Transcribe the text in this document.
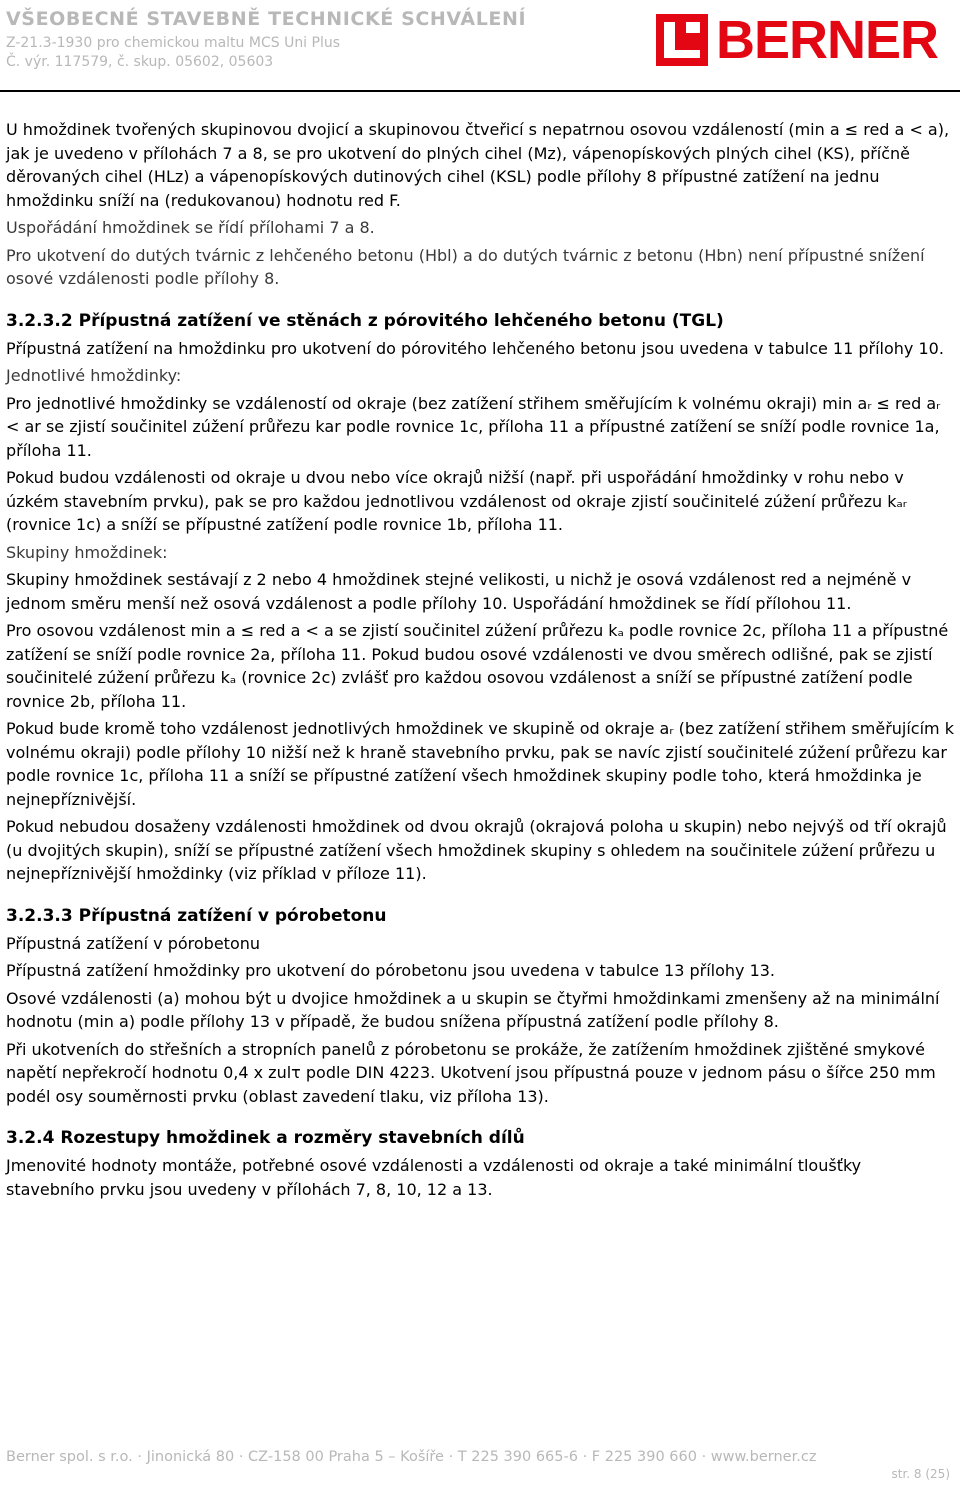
VŠEOBECNÉ STAVEBNĚ TECHNICKÉ SCHVÁLENÍ
Z-21.3-1930 pro chemickou maltu MCS Uni Plus
Č. výr. 117579, č. skup. 05602, 05603	BERNER

U hmoždinek tvořených skupinovou dvojicí a skupinovou čtveřicí s nepatrnou osovou vzdáleností (min a ≤ red a < a), jak je uvedeno v přílohách 7 a 8, se pro ukotvení do plných cihel (Mz), vápenopískových plných cihel (KS), příčně děrovaných cihel (HLz) a vápenopískových dutinových cihel (KSL) podle přílohy 8 přípustné zatížení na jednu hmoždinku sníží na (redukovanou) hodnotu red F.

Uspořádání hmoždinek se řídí přílohami 7 a 8.

Pro ukotvení do dutých tvárnic z lehčeného betonu (Hbl) a do dutých tvárnic z betonu (Hbn) není přípustné snížení osové vzdálenosti podle přílohy 8.

3.2.3.2 Přípustná zatížení ve stěnách z pórovitého lehčeného betonu (TGL)

Přípustná zatížení na hmoždinku pro ukotvení do pórovitého lehčeného betonu jsou uvedena v tabulce 11 přílohy 10.

Jednotlivé hmoždinky:

Pro jednotlivé hmoždinky se vzdáleností od okraje (bez zatížení střihem směřujícím k volnému okraji) min aᵣ ≤ red aᵣ < ar se zjistí součinitel zúžení průřezu kar podle rovnice 1c, příloha 11 a přípustné zatížení se sníží podle rovnice 1a, příloha 11.

Pokud budou vzdálenosti od okraje u dvou nebo více okrajů nižší (např. při uspořádání hmoždinky v rohu nebo v úzkém stavebním prvku), pak se pro každou jednotlivou vzdálenost od okraje zjistí součinitelé zúžení průřezu kₐᵣ (rovnice 1c) a sníží se přípustné zatížení podle rovnice 1b, příloha 11.

Skupiny hmoždinek:

Skupiny hmoždinek sestávají z 2 nebo 4 hmoždinek stejné velikosti, u nichž je osová vzdálenost red a nejméně v jednom směru menší než osová vzdálenost a podle přílohy 10. Uspořádání hmoždinek se řídí přílohou 11.

Pro osovou vzdálenost min a ≤ red a < a se zjistí součinitel zúžení průřezu kₐ podle rovnice 2c, příloha 11 a přípustné zatížení se sníží podle rovnice 2a, příloha 11. Pokud budou osové vzdálenosti ve dvou směrech odlišné, pak se zjistí součinitelé zúžení průřezu kₐ (rovnice 2c) zvlášť pro každou osovou vzdálenost a sníží se přípustné zatížení podle rovnice 2b, příloha 11.

Pokud bude kromě toho vzdálenost jednotlivých hmoždinek ve skupině od okraje aᵣ (bez zatížení střihem směřujícím k volnému okraji) podle přílohy 10 nižší než k hraně stavebního prvku, pak se navíc zjistí součinitelé zúžení průřezu kar podle rovnice 1c, příloha 11 a sníží se přípustné zatížení všech hmoždinek skupiny podle toho, která hmoždinka je nejnepříznivější.

Pokud nebudou dosaženy vzdálenosti hmoždinek od dvou okrajů (okrajová poloha u skupin) nebo nejvýš od tří okrajů (u dvojitých skupin), sníží se přípustné zatížení všech hmoždinek skupiny s ohledem na součinitele zúžení průřezu u nejnepříznivější hmoždinky (viz příklad v příloze 11).

3.2.3.3 Přípustná zatížení v pórobetonu

Přípustná zatížení v pórobetonu

Přípustná zatížení hmoždinky pro ukotvení do pórobetonu jsou uvedena v tabulce 13 přílohy 13.

Osové vzdálenosti (a) mohou být u dvojice hmoždinek a u skupin se čtyřmi hmoždinkami zmenšeny až na minimální hodnotu (min a) podle přílohy 13 v případě, že budou sníženа přípustná zatížení podle přílohy 8.

Při ukotveních do střešních a stropních panelů z pórobetonu se prokáže, že zatížením hmoždinek zjištěné smykové napětí nepřekročí hodnotu 0,4 x zulτ podle DIN 4223. Ukotvení jsou přípustná pouze v jednom pásu o šířce 250 mm podél osy souměrnosti prvku (oblast zavedení tlaku, viz příloha 13).

3.2.4 Rozestupy hmoždinek a rozměry stavebních dílů

Jmenovité hodnoty montáže, potřebné osové vzdálenosti a vzdálenosti od okraje a také minimální tloušťky stavebního prvku jsou uvedeny v přílohách 7, 8, 10, 12 a 13.

Berner spol. s r.o. · Jinonická 80 · CZ-158 00 Praha 5 – Košíře · T 225 390 665-6 · F 225 390 660 · www.berner.cz
str. 8 (25)
